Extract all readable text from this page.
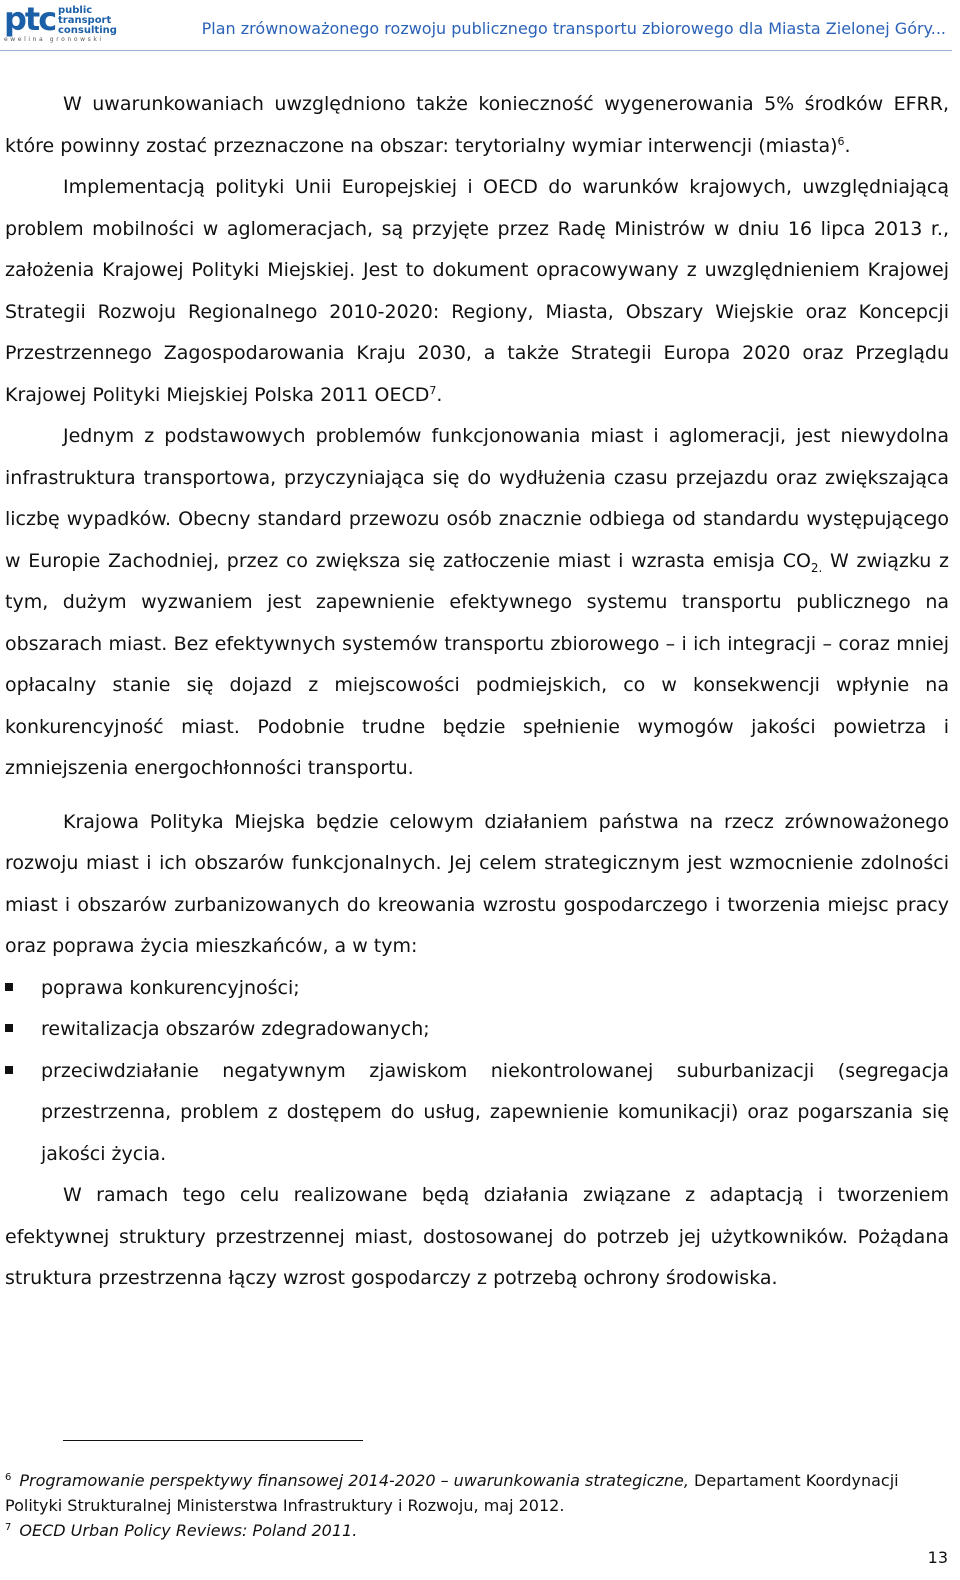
ptc public
transport
consulting
ewelina gronowski
Plan zrównoważonego rozwoju publicznego transportu zbiorowego dla Miasta Zielonej Góry...

W uwarunkowaniach uwzględniono także konieczność wygenerowania 5% środków EFRR, które powinny zostać przeznaczone na obszar: terytorialny wymiar interwencji (miasta)$^6$.

Implementacją polityki Unii Europejskiej i OECD do warunków krajowych, uwzględniającą problem mobilności w aglomeracjach, są przyjęte przez Radę Ministrów w dniu 16 lipca 2013 r., założenia Krajowej Polityki Miejskiej. Jest to dokument opracowywany z uwzględnieniem Krajowej Strategii Rozwoju Regionalnego 2010-2020: Regiony, Miasta, Obszary Wiejskie oraz Koncepcji Przestrzennego Zagospodarowania Kraju 2030, a także Strategii Europa 2020 oraz Przeglądu Krajowej Polityki Miejskiej Polska 2011 OECD$^7$.

Jednym z podstawowych problemów funkcjonowania miast i aglomeracji, jest niewydolna infrastruktura transportowa, przyczyniająca się do wydłużenia czasu przejazdu oraz zwiększająca liczbę wypadków. Obecny standard przewozu osób znacznie odbiega od standardu występującego w Europie Zachodniej, przez co zwiększa się zatłoczenie miast i wzrasta emisja $CO_{2.}$ W związku z tym, dużym wyzwaniem jest zapewnienie efektywnego systemu transportu publicznego na obszarach miast. Bez efektywnych systemów transportu zbiorowego – i ich integracji – coraz mniej opłacalny stanie się dojazd z miejscowości podmiejskich, co w konsekwencji wpłynie na konkurencyjność miast. Podobnie trudne będzie spełnienie wymogów jakości powietrza i zmniejszenia energochłonności transportu.

Krajowa Polityka Miejska będzie celowym działaniem państwa na rzecz zrównoważonego rozwoju miast i ich obszarów funkcjonalnych. Jej celem strategicznym jest wzmocnienie zdolności miast i obszarów zurbanizowanych do kreowania wzrostu gospodarczego i tworzenia miejsc pracy oraz poprawa życia mieszkańców, a w tym:

poprawa konkurencyjności;
rewitalizacja obszarów zdegradowanych;
przeciwdziałanie negatywnym zjawiskom niekontrolowanej suburbanizacji (segregacja przestrzenna, problem z dostępem do usług, zapewnienie komunikacji) oraz pogarszania się jakości życia.

W ramach tego celu realizowane będą działania związane z adaptacją i tworzeniem efektywnej struktury przestrzennej miast, dostosowanej do potrzeb jej użytkowników. Pożądana struktura przestrzenna łączy wzrost gospodarczy z potrzebą ochrony środowiska.

$^6$ Programowanie perspektywy finansowej 2014-2020 – uwarunkowania strategiczne, Departament Koordynacji Polityki Strukturalnej Ministerstwa Infrastruktury i Rozwoju, maj 2012.

$^7$ OECD Urban Policy Reviews: Poland 2011.

13
